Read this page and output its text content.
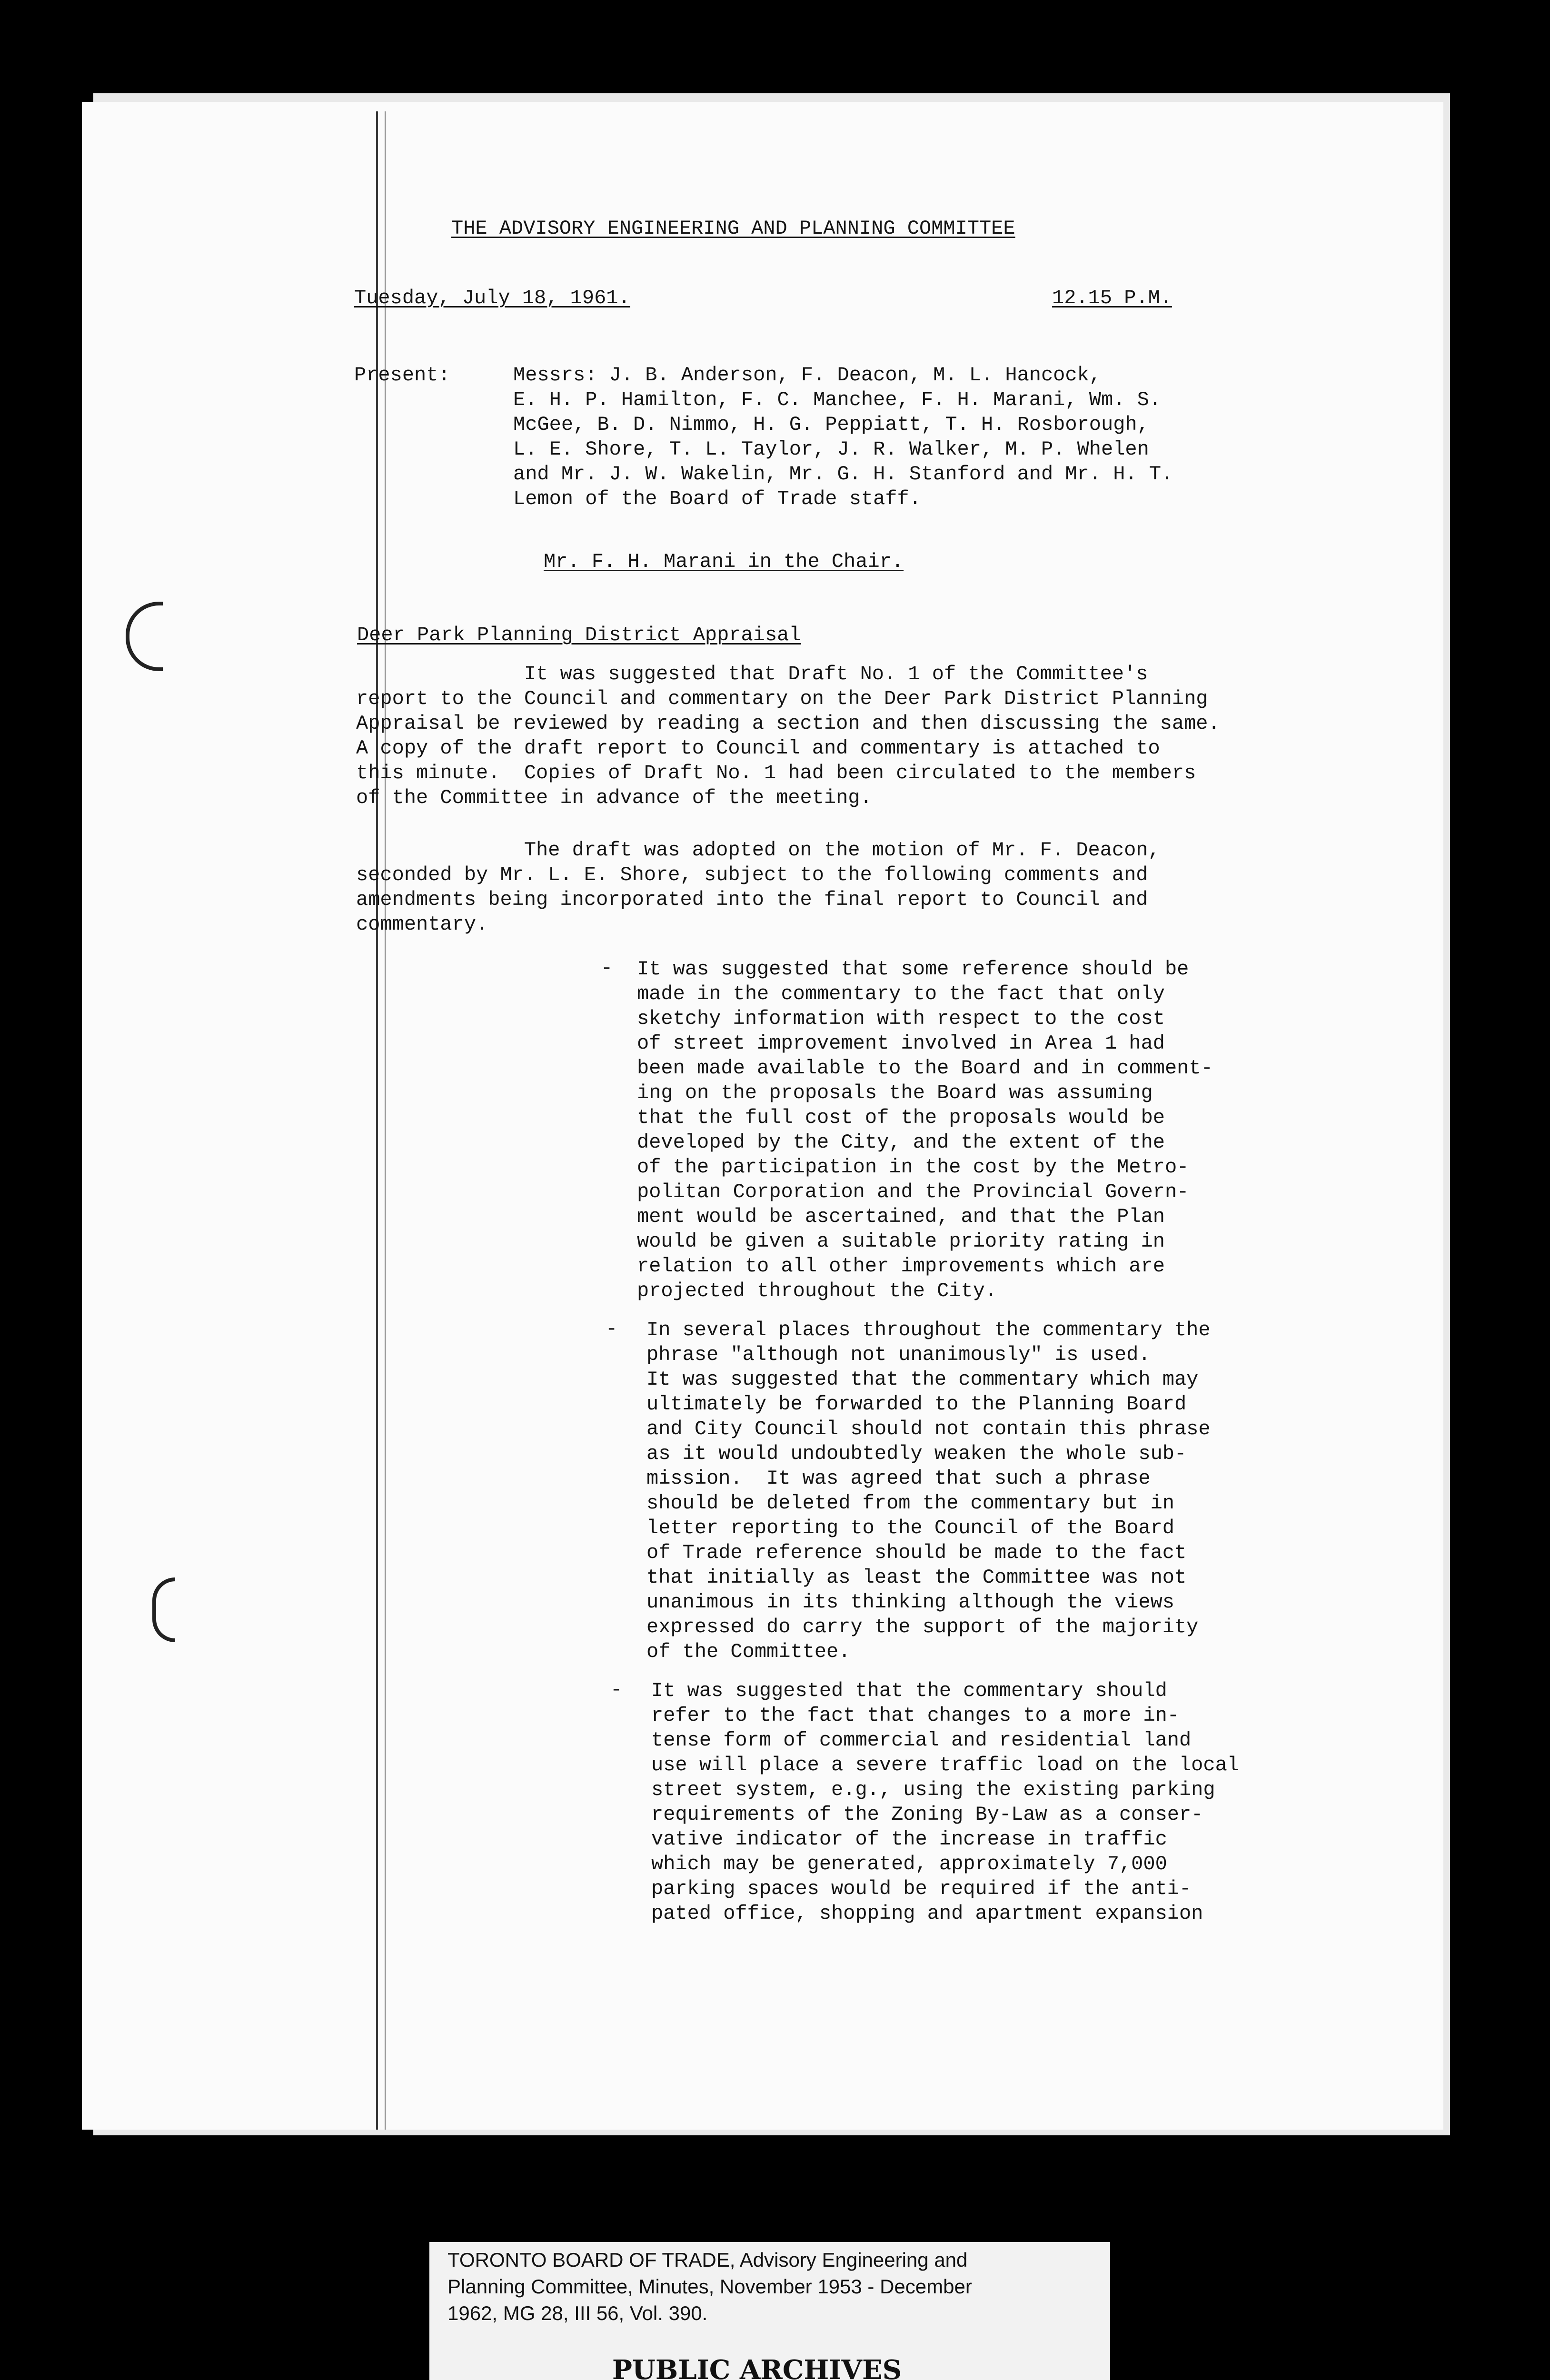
THE ADVISORY ENGINEERING AND PLANNING COMMITTEE

Tuesday, July 18, 1961.	12.15 P.M.

Present:	Messrs: J. B. Anderson, F. Deacon, M. L. Hancock,

E. H. P. Hamilton, F. C. Manchee, F. H. Marani, Wm. S.

McGee, B. D. Nimmo, H. G. Peppiatt, T. H. Rosborough,

L. E. Shore, T. L. Taylor, J. R. Walker, M. P. Whelen

and Mr. J. W. Wakelin, Mr. G. H. Stanford and Mr. H. T.

Lemon of the Board of Trade staff.

Mr. F. H. Marani in the Chair.

Deer Park Planning District Appraisal

It was suggested that Draft No. 1 of the Committee's

report to the Council and commentary on the Deer Park District Planning

Appraisal be reviewed by reading a section and then discussing the same.

A copy of the draft report to Council and commentary is attached to

this minute.  Copies of Draft No. 1 had been circulated to the members

of the Committee in advance of the meeting.

The draft was adopted on the motion of Mr. F. Deacon,

seconded by Mr. L. E. Shore, subject to the following comments and

amendments being incorporated into the final report to Council and

commentary.

- It was suggested that some reference should be

made in the commentary to the fact that only

sketchy information with respect to the cost

of street improvement involved in Area 1 had

been made available to the Board and in comment-

ing on the proposals the Board was assuming

that the full cost of the proposals would be

developed by the City, and the extent of the

of the participation in the cost by the Metro-

politan Corporation and the Provincial Govern-

ment would be ascertained, and that the Plan

would be given a suitable priority rating in

relation to all other improvements which are

projected throughout the City.

- In several places throughout the commentary the

phrase "although not unanimously" is used.

It was suggested that the commentary which may

ultimately be forwarded to the Planning Board

and City Council should not contain this phrase

as it would undoubtedly weaken the whole sub-

mission.  It was agreed that such a phrase

should be deleted from the commentary but in

letter reporting to the Council of the Board

of Trade reference should be made to the fact

that initially as least the Committee was not

unanimous in its thinking although the views

expressed do carry the support of the majority

of the Committee.

- It was suggested that the commentary should

refer to the fact that changes to a more in-

tense form of commercial and residential land

use will place a severe traffic load on the local

street system, e.g., using the existing parking

requirements of the Zoning By-Law as a conser-

vative indicator of the increase in traffic

which may be generated, approximately 7,000

parking spaces would be required if the anti-

pated office, shopping and apartment expansion

TORONTO BOARD OF TRADE, Advisory Engineering and
Planning Committee, Minutes, November 1953 - December
1962, MG 28, III 56, Vol. 390.
PUBLIC ARCHIVES
